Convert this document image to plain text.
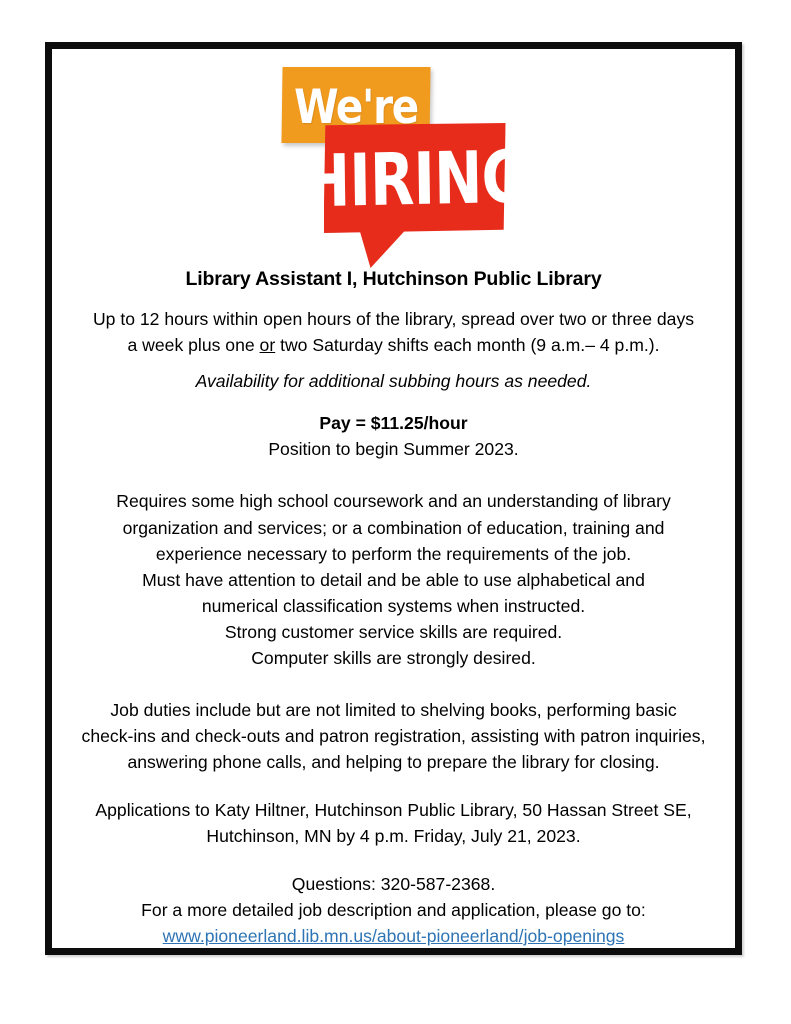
We're
HIRING
Library Assistant I, Hutchinson Public Library

Up to 12 hours within open hours of the library, spread over two or three days

a week plus one or two Saturday shifts each month (9 a.m.– 4 p.m.).

Availability for additional subbing hours as needed.

Pay = $11.25/hour

Position to begin Summer 2023.

Requires some high school coursework and an understanding of library

organization and services; or a combination of education, training and

experience necessary to perform the requirements of the job.

Must have attention to detail and be able to use alphabetical and

numerical classification systems when instructed.

Strong customer service skills are required.

Computer skills are strongly desired.

Job duties include but are not limited to shelving books, performing basic

check-ins and check-outs and patron registration, assisting with patron inquiries,

answering phone calls, and helping to prepare the library for closing.

Applications to Katy Hiltner, Hutchinson Public Library, 50 Hassan Street SE,

Hutchinson, MN by 4 p.m. Friday, July 21, 2023.

Questions: 320-587-2368.

For a more detailed job description and application, please go to:

www.pioneerland.lib.mn.us/about-pioneerland/job-openings
